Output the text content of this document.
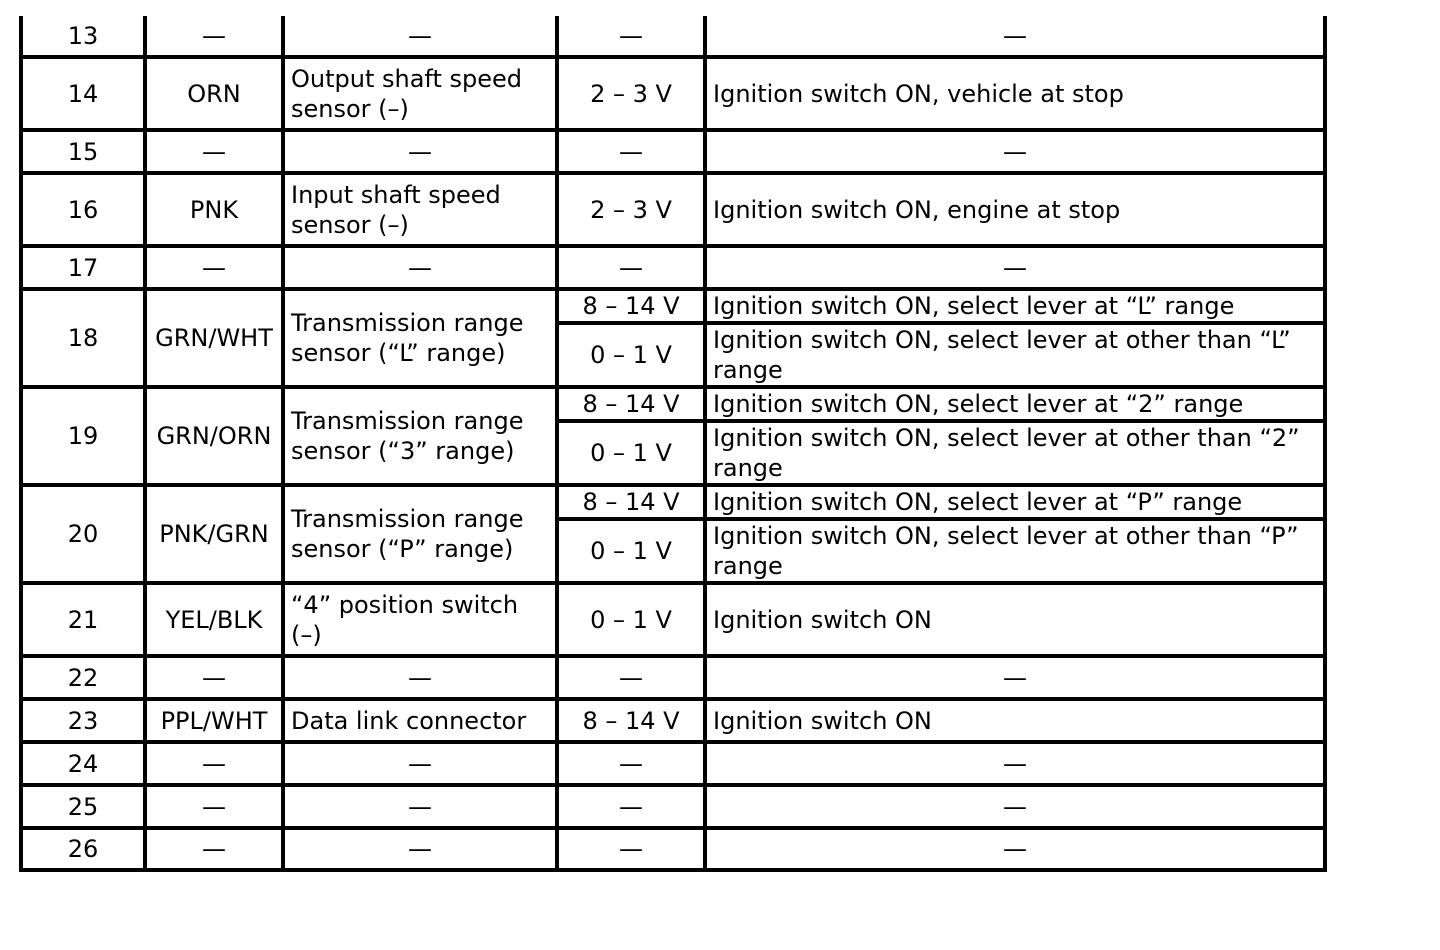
13	—	—	—	—
14	ORN	Output shaft speed sensor (–)	2 – 3 V	Ignition switch ON, vehicle at stop
15	—	—	—	—
16	PNK	Input shaft speed sensor (–)	2 – 3 V	Ignition switch ON, engine at stop
17	—	—	—	—
18	GRN/WHT	Transmission range sensor (“L” range)	8 – 14 V	Ignition switch ON, select lever at “L” range
			0 – 1 V	Ignition switch ON, select lever at other than “L” range
19	GRN/ORN	Transmission range sensor (“3” range)	8 – 14 V	Ignition switch ON, select lever at “2” range
			0 – 1 V	Ignition switch ON, select lever at other than “2” range
20	PNK/GRN	Transmission range sensor (“P” range)	8 – 14 V	Ignition switch ON, select lever at “P” range
			0 – 1 V	Ignition switch ON, select lever at other than “P” range
21	YEL/BLK	“4” position switch (–)	0 – 1 V	Ignition switch ON
22	—	—	—	—
23	PPL/WHT	Data link connector	8 – 14 V	Ignition switch ON
24	—	—	—	—
25	—	—	—	—
26	—	—	—	—
